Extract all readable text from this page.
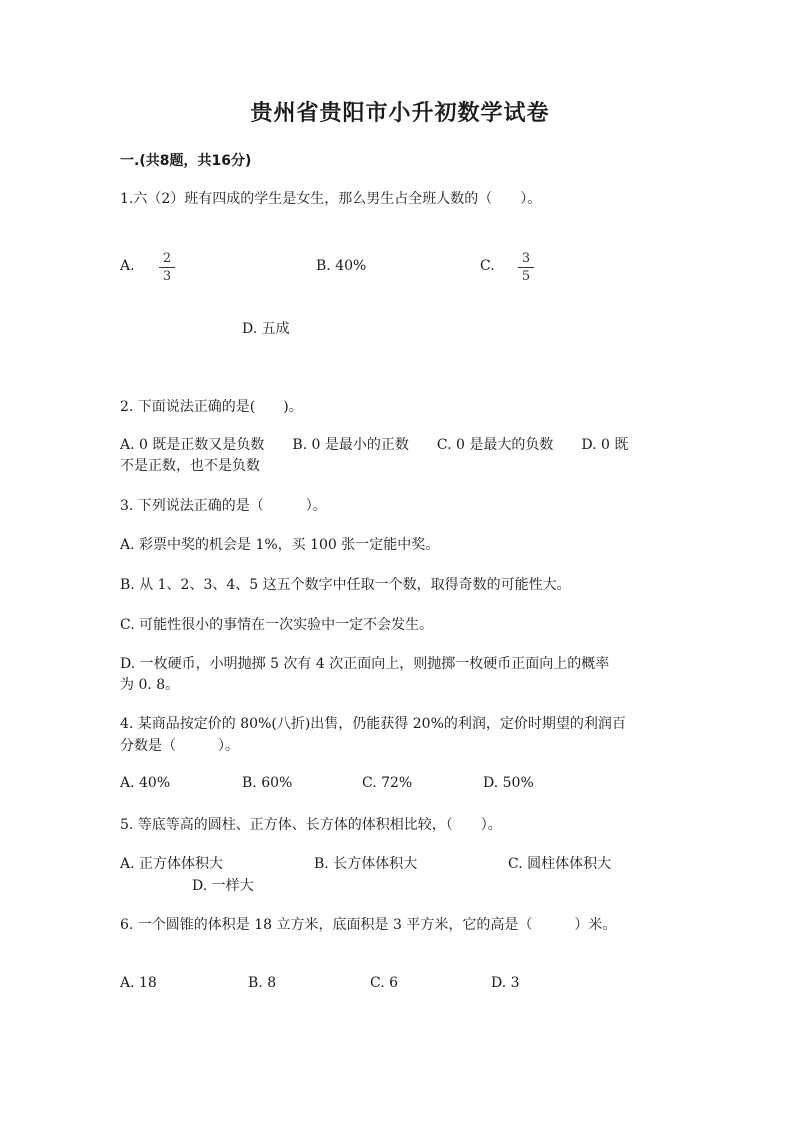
贵州省贵阳市小升初数学试卷
一.(共8题，共16分)
1.六（2）班有四成的学生是女生，那么男生占全班人数的（　　）。
A. 2
3
B. 40%	C. 3
5
D. 五成
2. 下面说法正确的是(　　)。
A. 0 既是正数又是负数　　B. 0 是最小的正数　　C. 0 是最大的负数　　D. 0 既
不是正数，也不是负数
3. 下列说法正确的是（　　　）。
A. 彩票中奖的机会是 1%，买 100 张一定能中奖。
B. 从 1、2、3、4、5 这五个数字中任取一个数，取得奇数的可能性大。
C. 可能性很小的事情在一次实验中一定不会发生。
D. 一枚硬币，小明抛掷 5 次有 4 次正面向上，则抛掷一枚硬币正面向上的概率
为 0. 8。
4. 某商品按定价的 80%(八折)出售，仍能获得 20%的利润，定价时期望的利润百
分数是（　　　）。
A. 40%	B. 60%	C. 72%	D. 50%
5. 等底等高的圆柱、正方体、长方体的体积相比较，（　　）。
A. 正方体体积大	B. 长方体体积大	C. 圆柱体体积大
D. 一样大
6. 一个圆锥的体积是 18 立方米，底面积是 3 平方米，它的高是（　　　）米。
A. 18	B. 8	C. 6	D. 3
